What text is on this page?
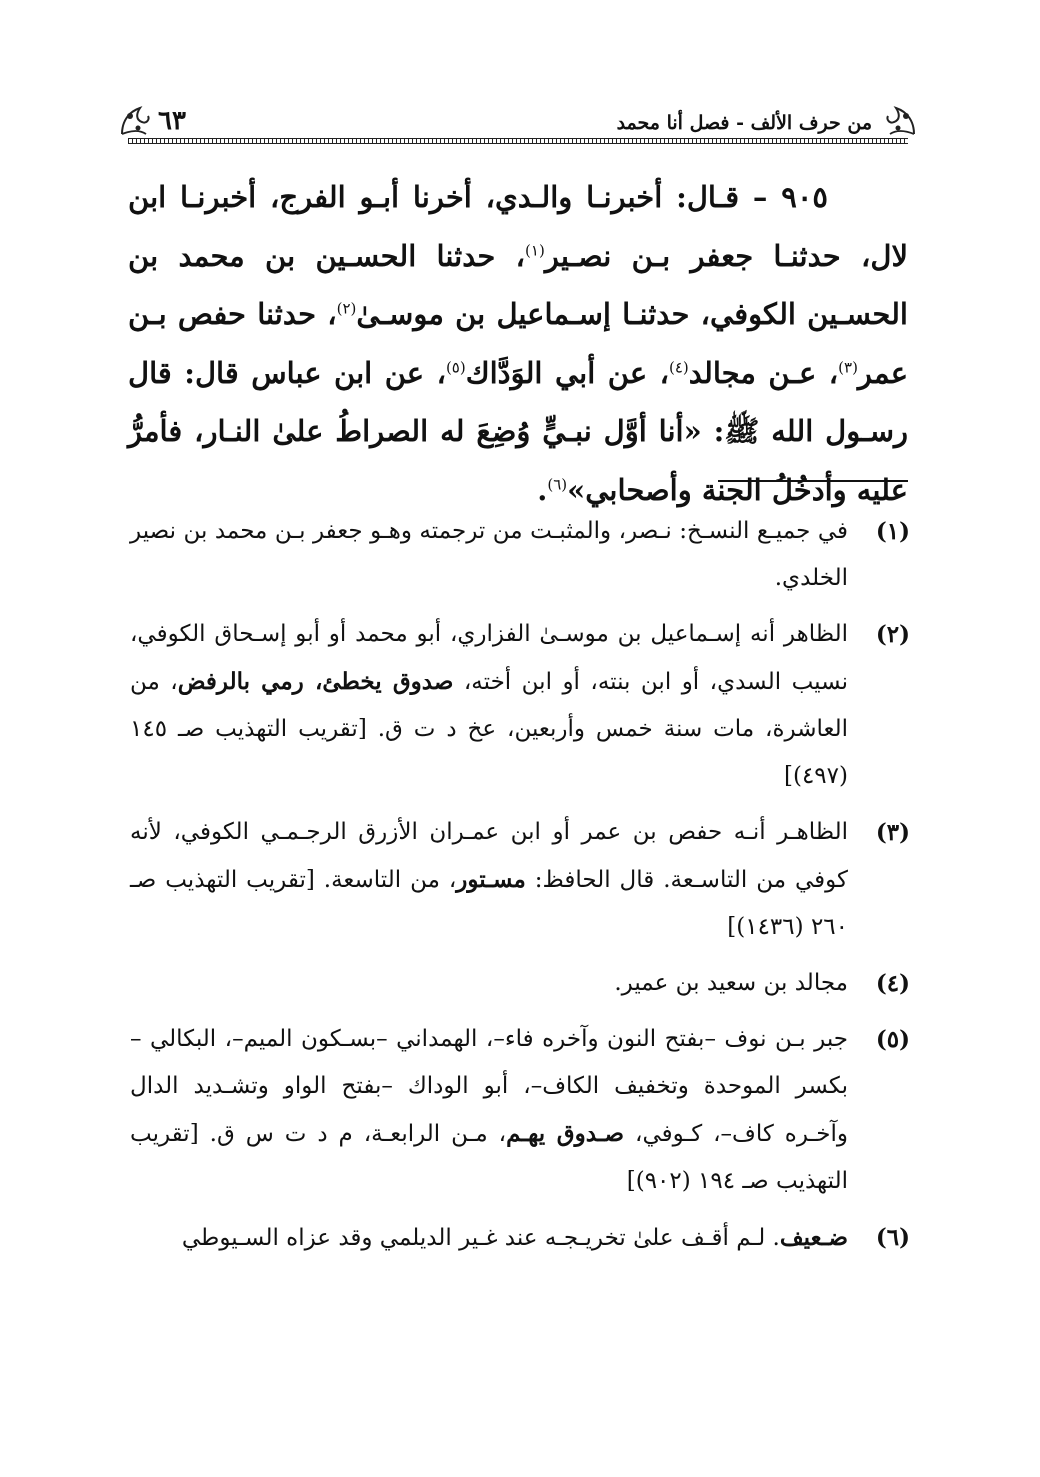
من حرف الألف - فصل أنا محمد
٦٣

٩٠٥ – قـال: أخبرنـا والـدي، أخرنا أبـو الفرج، أخبرنـا ابن لال، حدثنـا جعفر بـن نصـير$^{(١)}$، حدثنا الحسـين بن محمد بن الحسـين الكوفي، حدثنـا إسـماعيل بن موسـىٰ$^{(٢)}$، حدثنا حفص بـن عمر$^{(٣)}$، عـن مجالد$^{(٤)}$، عن أبي الوَدَّاك$^{(٥)}$، عن ابن عباس قال: قال رسـول الله ﷺ: «أنا أوَّل نبـيٍّ وُضِعَ له الصراطُ علىٰ النـار، فأمرُّ عليه وأدخُلُ الجنة وأصحابي»$^{(٦)}$.

(١)
في جميـع النسـخ: نـصر، والمثبـت من ترجمته وهـو جعفر بـن محمد بن نصير الخلدي.
(٢)
الظاهر أنه إسـماعيل بن موسـىٰ الفزاري، أبو محمد أو أبو إسـحاق الكوفي، نسيب السدي، أو ابن بنته، أو ابن أخته، صدوق يخطئ، رمي بالرفض، من العاشرة، مات سنة خمس وأربعين، عخ د ت ق. [تقريب التهذيب صـ ١٤٥ (٤٩٧)]
(٣)
الظاهـر أنـه حفص بن عمر أو ابن عمـران الأزرق الرجـمـي الكوفي، لأنه كوفي من التاسـعة. قال الحافظ: مسـتور، من التاسعة. [تقريب التهذيب صـ ٢٦٠ (١٤٣٦)]
(٤)
مجالد بن سعيد بن عمير.
(٥)
جبر بـن نوف –بفتح النون وآخره فاء–، الهمداني –بسـكون الميم–، البكالي –بكسر الموحدة وتخفيف الكاف–، أبو الوداك –بفتح الواو وتشـديد الدال وآخـره كاف–، كـوفي، صـدوق يهـم، مـن الرابعـة، م د ت س ق. [تقريب التهذيب صـ ١٩٤ (٩٠٢)]
(٦)
ضـعيف. لـم أقـف علىٰ تخريـجـه عند غـير الديلمي وقد عزاه السـيوطي
